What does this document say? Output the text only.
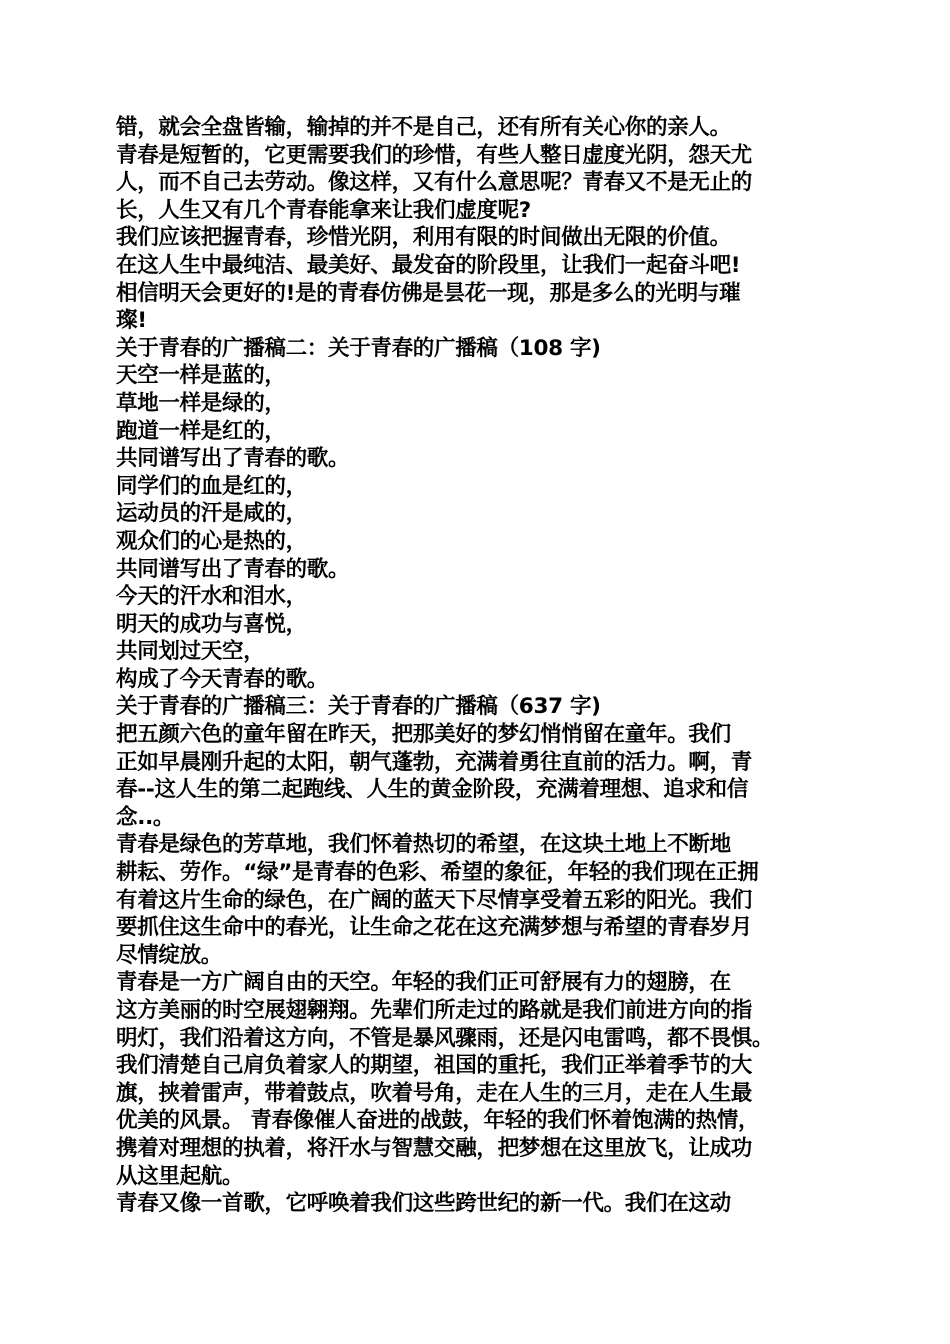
错，就会全盘皆输，输掉的并不是自己，还有所有关心你的亲人。
青春是短暂的，它更需要我们的珍惜，有些人整日虚度光阴，怨天尤
人，而不自己去劳动。像这样，又有什么意思呢？青春又不是无止的
长，人生又有几个青春能拿来让我们虚度呢?
我们应该把握青春，珍惜光阴，利用有限的时间做出无限的价值。
在这人生中最纯洁、最美好、最发奋的阶段里，让我们一起奋斗吧!
相信明天会更好的!是的青春仿佛是昙花一现，那是多么的光明与璀
璨!
关于青春的广播稿二：关于青春的广播稿（108 字)
天空一样是蓝的，
草地一样是绿的，
跑道一样是红的，
共同谱写出了青春的歌。
同学们的血是红的，
运动员的汗是咸的，
观众们的心是热的，
共同谱写出了青春的歌。
今天的汗水和泪水，
明天的成功与喜悦，
共同划过天空，
构成了今天青春的歌。
关于青春的广播稿三：关于青春的广播稿（637 字)
把五颜六色的童年留在昨天，把那美好的梦幻悄悄留在童年。我们
正如早晨刚升起的太阳，朝气蓬勃，充满着勇往直前的活力。啊，青
春--这人生的第二起跑线、人生的黄金阶段，充满着理想、追求和信
念..。
青春是绿色的芳草地，我们怀着热切的希望，在这块土地上不断地
耕耘、劳作。“绿”是青春的色彩、希望的象征，年轻的我们现在正拥
有着这片生命的绿色，在广阔的蓝天下尽情享受着五彩的阳光。我们
要抓住这生命中的春光，让生命之花在这充满梦想与希望的青春岁月
尽情绽放。
青春是一方广阔自由的天空。年轻的我们正可舒展有力的翅膀，在
这方美丽的时空展翅翱翔。先辈们所走过的路就是我们前进方向的指
明灯，我们沿着这方向，不管是暴风骤雨，还是闪电雷鸣，都不畏惧。
我们清楚自己肩负着家人的期望，祖国的重托，我们正举着季节的大
旗，挟着雷声，带着鼓点，吹着号角，走在人生的三月，走在人生最
优美的风景。 青春像催人奋进的战鼓，年轻的我们怀着饱满的热情，
携着对理想的执着，将汗水与智慧交融，把梦想在这里放飞，让成功
从这里起航。
青春又像一首歌，它呼唤着我们这些跨世纪的新一代。我们在这动
